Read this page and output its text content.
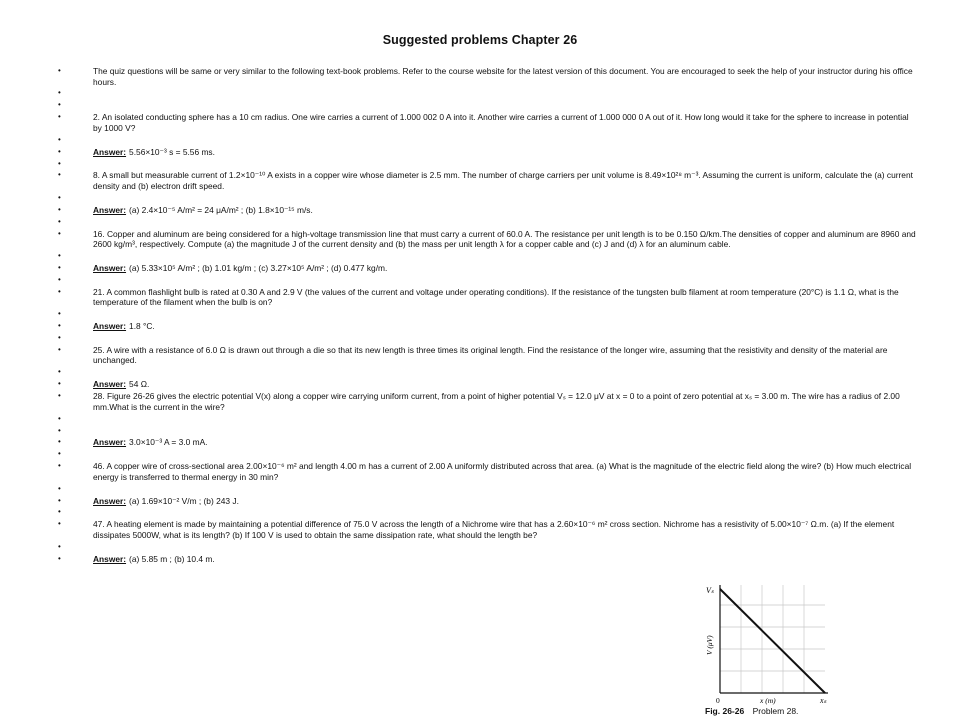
Suggested problems Chapter 26
•	The quiz questions will be same or very similar to the following text-book problems. Refer to the course website for the latest version of this document. You are encouraged to seek the help of your instructor during his office hours.
•
•
•	2. An isolated conducting sphere has a 10 cm radius. One wire carries a current of 1.000 002 0 A into it. Another wire carries a current of 1.000 000 0 A out of it. How long would it take for the sphere to increase in potential by 1000 V?
•
•	Answer: 5.56×10⁻³ s = 5.56 ms.
•
•	8. A small but measurable current of 1.2×10⁻¹⁰ A exists in a copper wire whose diameter is 2.5 mm. The number of charge carriers per unit volume is 8.49×10²⁸ m⁻³. Assuming the current is uniform, calculate the (a) current density and (b) electron drift speed.
•
•	Answer: (a) 2.4×10⁻⁵ A/m² = 24 μA/m² ; (b) 1.8×10⁻¹⁵ m/s.
•
•	16. Copper and aluminum are being considered for a high-voltage transmission line that must carry a current of 60.0 A. The resistance per unit length is to be 0.150 Ω/km.The densities of copper and aluminum are 8960 and 2600 kg/m³, respectively. Compute (a) the magnitude J of the current density and (b) the mass per unit length λ for a copper cable and (c) J and (d) λ for an aluminum cable.
•
•	Answer: (a) 5.33×10⁵ A/m² ; (b) 1.01 kg/m ; (c) 3.27×10⁵ A/m² ; (d) 0.477 kg/m.
•
•	21. A common flashlight bulb is rated at 0.30 A and 2.9 V (the values of the current and voltage under operating conditions). If the resistance of the tungsten bulb filament at room temperature (20°C) is 1.1 Ω, what is the temperature of the filament when the bulb is on?
•
•	Answer: 1.8 °C.
•
•	25. A wire with a resistance of 6.0 Ω is drawn out through a die so that its new length is three times its original length. Find the resistance of the longer wire, assuming that the resistivity and density of the material are unchanged.
•
•	Answer: 54 Ω.
•	28. Figure 26-26 gives the electric potential V(x) along a copper wire carrying uniform current, from a point of higher potential Vₛ = 12.0 μV at x = 0 to a point of zero potential at xₛ = 3.00 m. The wire has a radius of 2.00 mm.What is the current in the wire?
•
•
•	Answer: 3.0×10⁻³ A = 3.0 mA.
•
•	46. A copper wire of cross-sectional area 2.00×10⁻⁶ m² and length 4.00 m has a current of 2.00 A uniformly distributed across that area. (a) What is the magnitude of the electric field along the wire? (b) How much electrical energy is transferred to thermal energy in 30 min?
•
•	Answer: (a) 1.69×10⁻² V/m ; (b) 243 J.
•
•	47. A heating element is made by maintaining a potential difference of 75.0 V across the length of a Nichrome wire that has a 2.60×10⁻⁶ m² cross section. Nichrome has a resistivity of 5.00×10⁻⁷ Ω.m. (a) If the element dissipates 5000W, what is its length? (b) If 100 V is used to obtain the same dissipation rate, what should the length be?
•
•	Answer: (a) 5.85 m ; (b) 10.4 m.
Vₛ
V (μV)
0	x (m)	xₛ
Fig. 26-26 Problem 28.
